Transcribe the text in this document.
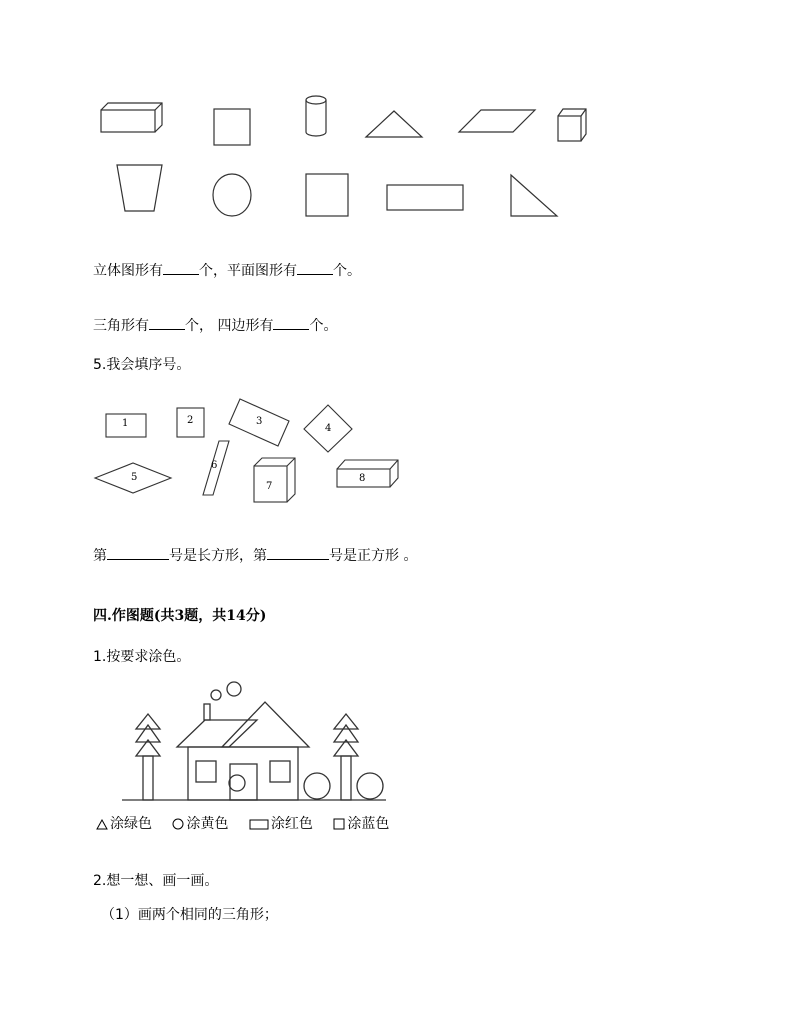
立体图形有	个，平面图形有	个。
三角形有	个， 四边形有	个。
5.我会填序号。
1	2	3
4
5
6
7
8
第	号是长方形，第	号是正方形 。
四.作图题(共3题，共14分)
1.按要求涂色。
涂绿色 涂黄色	涂红色 涂蓝色
2.想一想、画一画。
（1）画两个相同的三角形；
